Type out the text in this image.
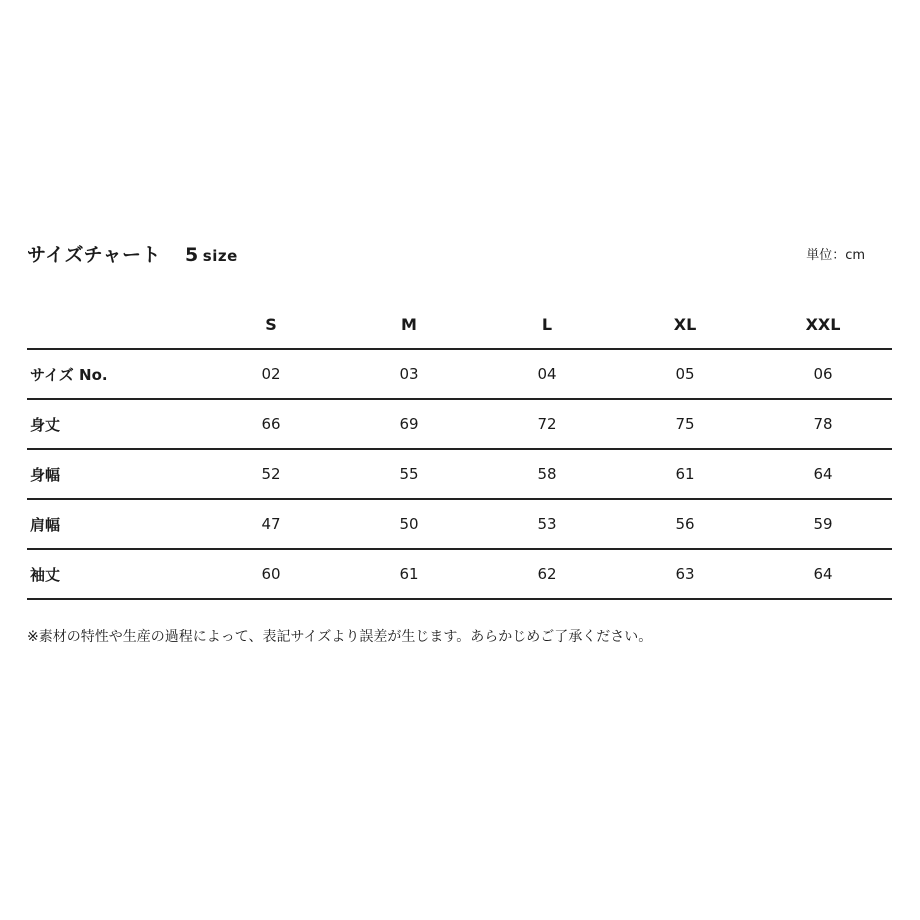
サイズチャート 5 size	単位：cm
	S	M	L	XL	XXL
サイズ No.	02	03	04	05	06
身丈	66	69	72	75	78
身幅	52	55	58	61	64
肩幅	47	50	53	56	59
袖丈	60	61	62	63	64
※素材の特性や生産の過程によって、表記サイズより誤差が生じます。あらかじめご了承ください。
